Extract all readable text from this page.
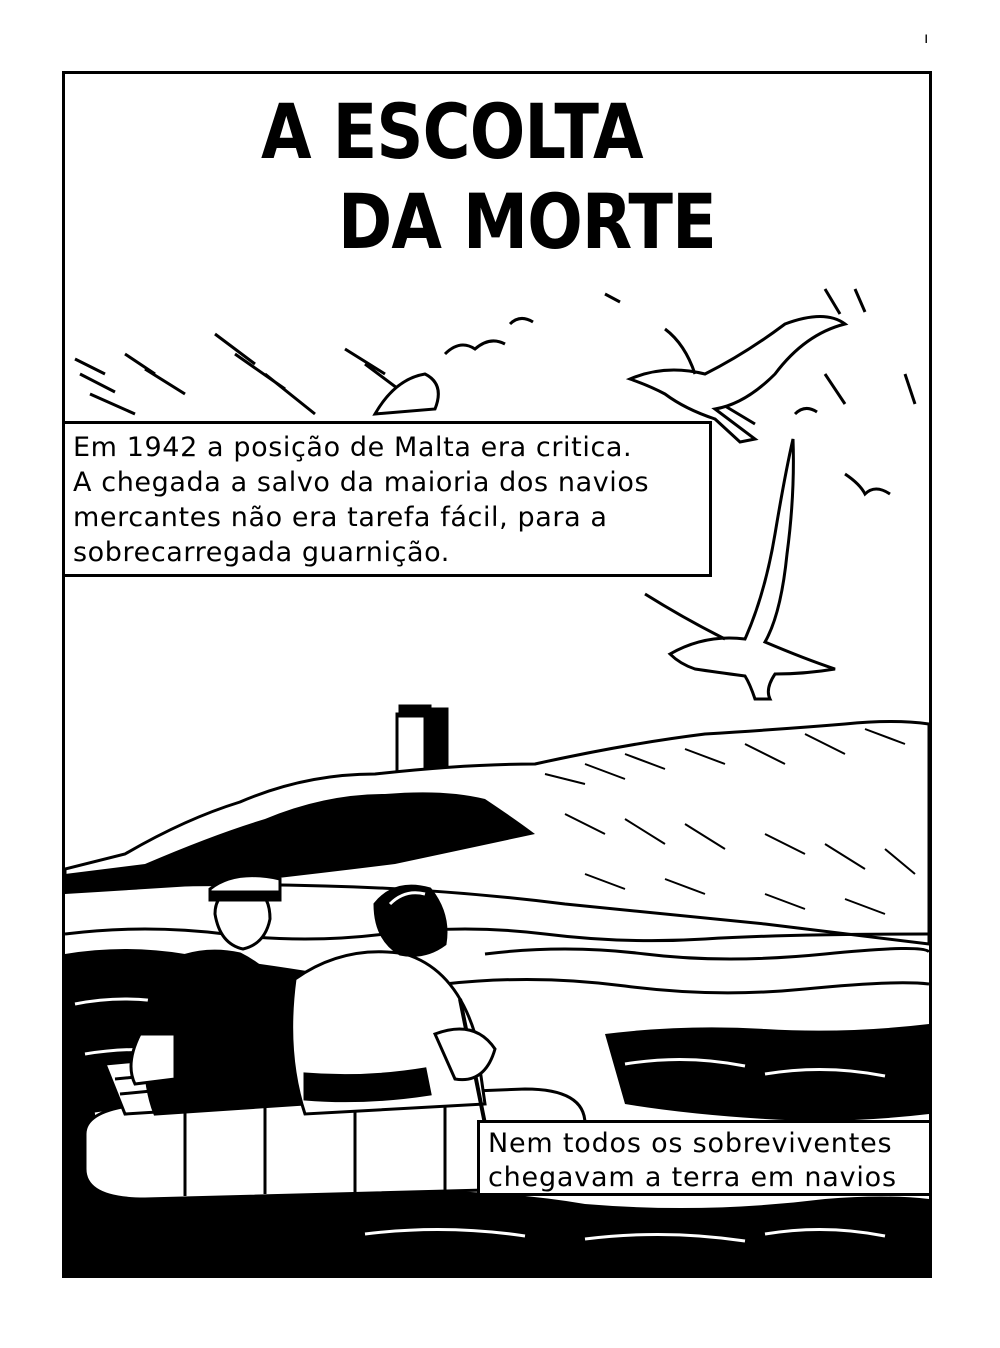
ı
A ESCOLTA
DA MORTE
Em 1942 a posição de Malta era critica.
A chegada a salvo da maioria dos navios
mercantes não era tarefa fácil, para a
sobrecarregada guarnição.
Nem todos os sobreviventes
chegavam a terra em navios
